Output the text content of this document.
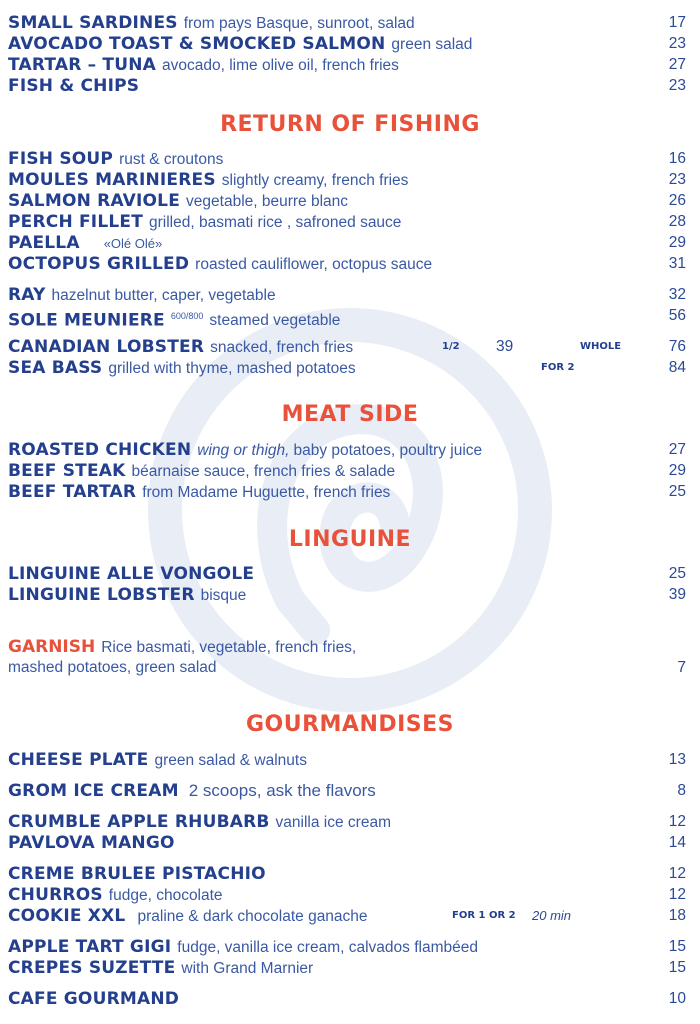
SMALL SARDINES from pays Basque, sunroot, salad	17
AVOCADO TOAST & SMOCKED SALMON green salad	23
TARTAR – TUNA avocado, lime olive oil, french fries	27
FISH & CHIPS	23
RETURN OF FISHING
FISH SOUP rust & croutons	16
MOULES MARINIERES slightly creamy, french fries	23
SALMON RAVIOLE vegetable, beurre blanc	26
PERCH FILLET grilled, basmati rice , safroned sauce	28
PAELLA «Olé Olé»	29
OCTOPUS GRILLED roasted cauliflower, octopus sauce	31
RAY hazelnut butter, caper, vegetable	32
SOLE MEUNIERE $^{600/800}$ steamed vegetable	56
CANADIAN LOBSTER snacked, french fries	1/2 39	WHOLE	76
SEA BASS grilled with thyme, mashed potatoes	FOR 2	84
MEAT SIDE
ROASTED CHICKEN wing or thigh, baby potatoes, poultry juice	27
BEEF STEAK béarnaise sauce, french fries & salade	29
BEEF TARTAR from Madame Huguette, french fries	25
LINGUINE
LINGUINE ALLE VONGOLE	25
LINGUINE LOBSTER bisque	39
GARNISH Rice basmati, vegetable, french fries,
mashed potatoes, green salad	7
GOURMANDISES
CHEESE PLATE green salad & walnuts	13
GROM ICE CREAM 2 scoops, ask the flavors	8
CRUMBLE APPLE RHUBARB vanilla ice cream	12
PAVLOVA MANGO	14
CREME BRULEE PISTACHIO	12
CHURROS fudge, chocolate	12
COOKIE XXL praline & dark chocolate ganache	FOR 1 OR 2 20 min	18
APPLE TART GIGI fudge, vanilla ice cream, calvados flambéed	15
CREPES SUZETTE with Grand Marnier	15
CAFE GOURMAND	10
